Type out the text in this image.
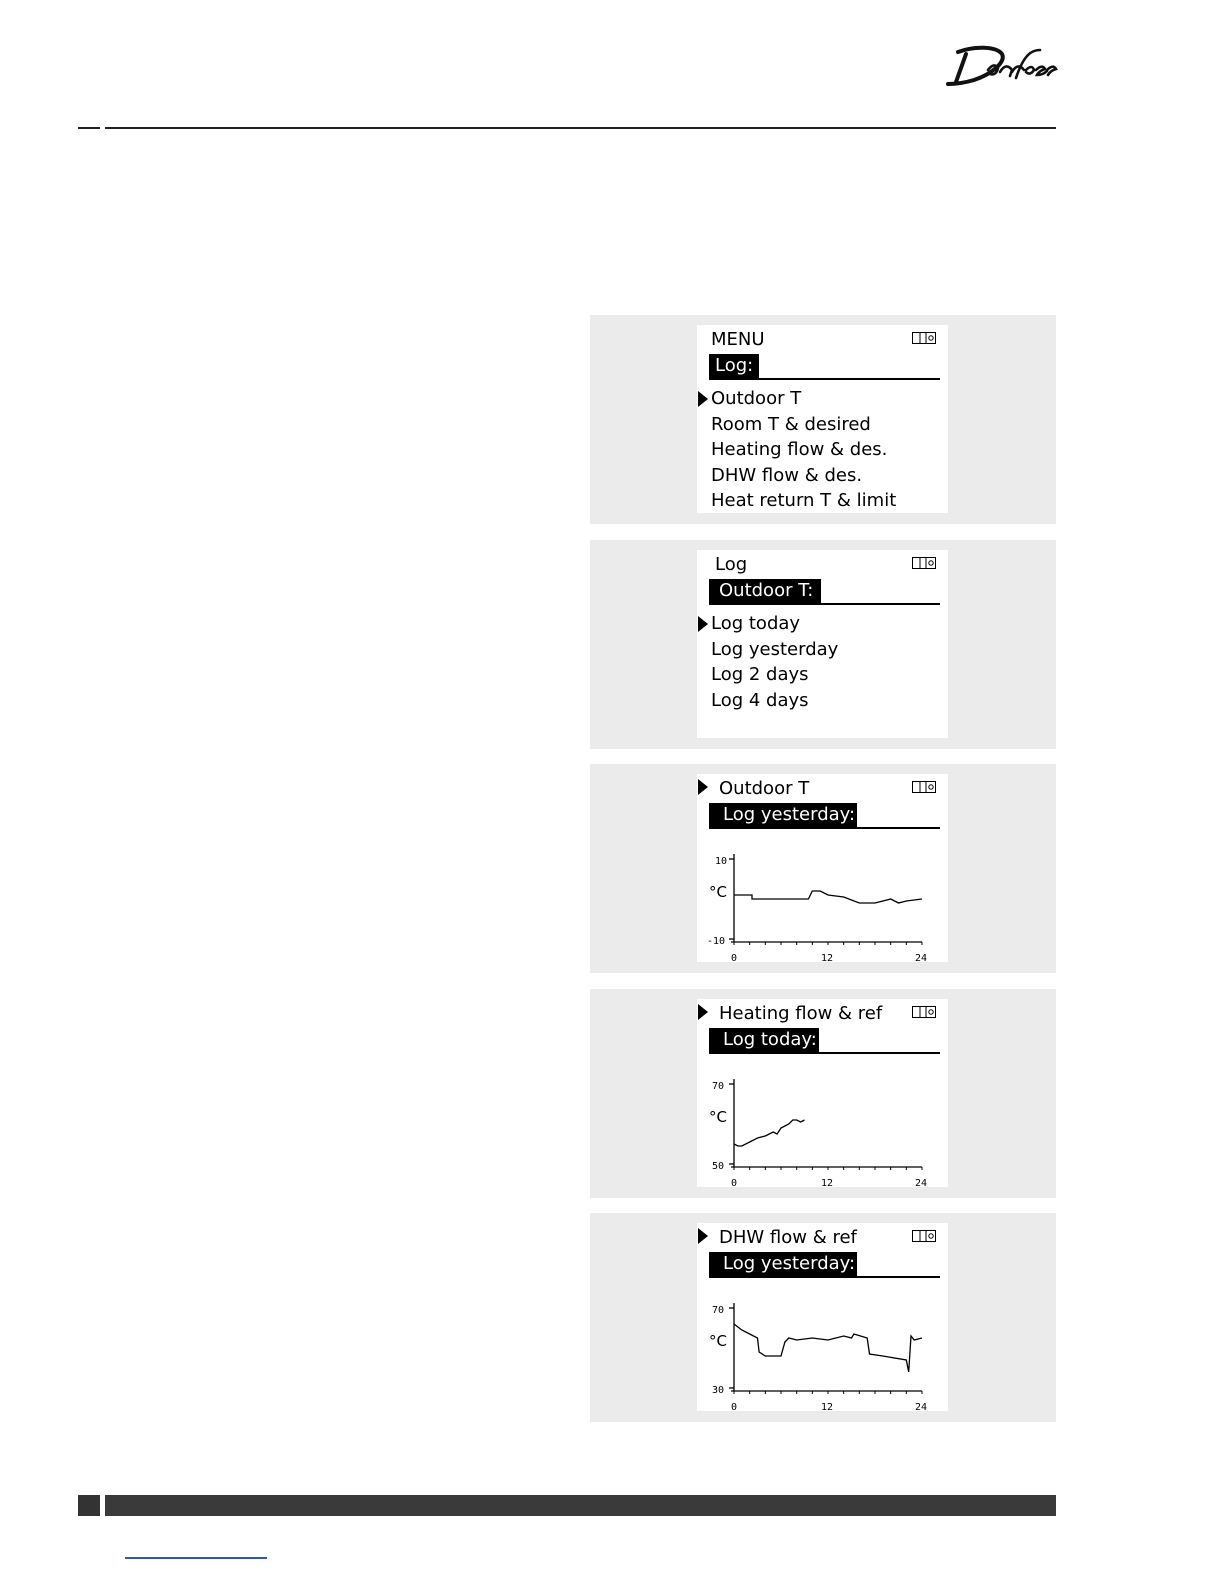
MENU
Log:
Outdoor T
Room T & desired
Heating flow & des.
DHW flow & des.
Heat return T & limit
Log
Outdoor T:
Log today
Log yesterday
Log 2 days
Log 4 days
Outdoor T
Log yesterday:
°C
10
-10
0	12	24
Heating flow & ref
Log today:
°C
70
50
0	12	24
DHW flow & ref
Log yesterday:
°C
70
30
0	12	24
